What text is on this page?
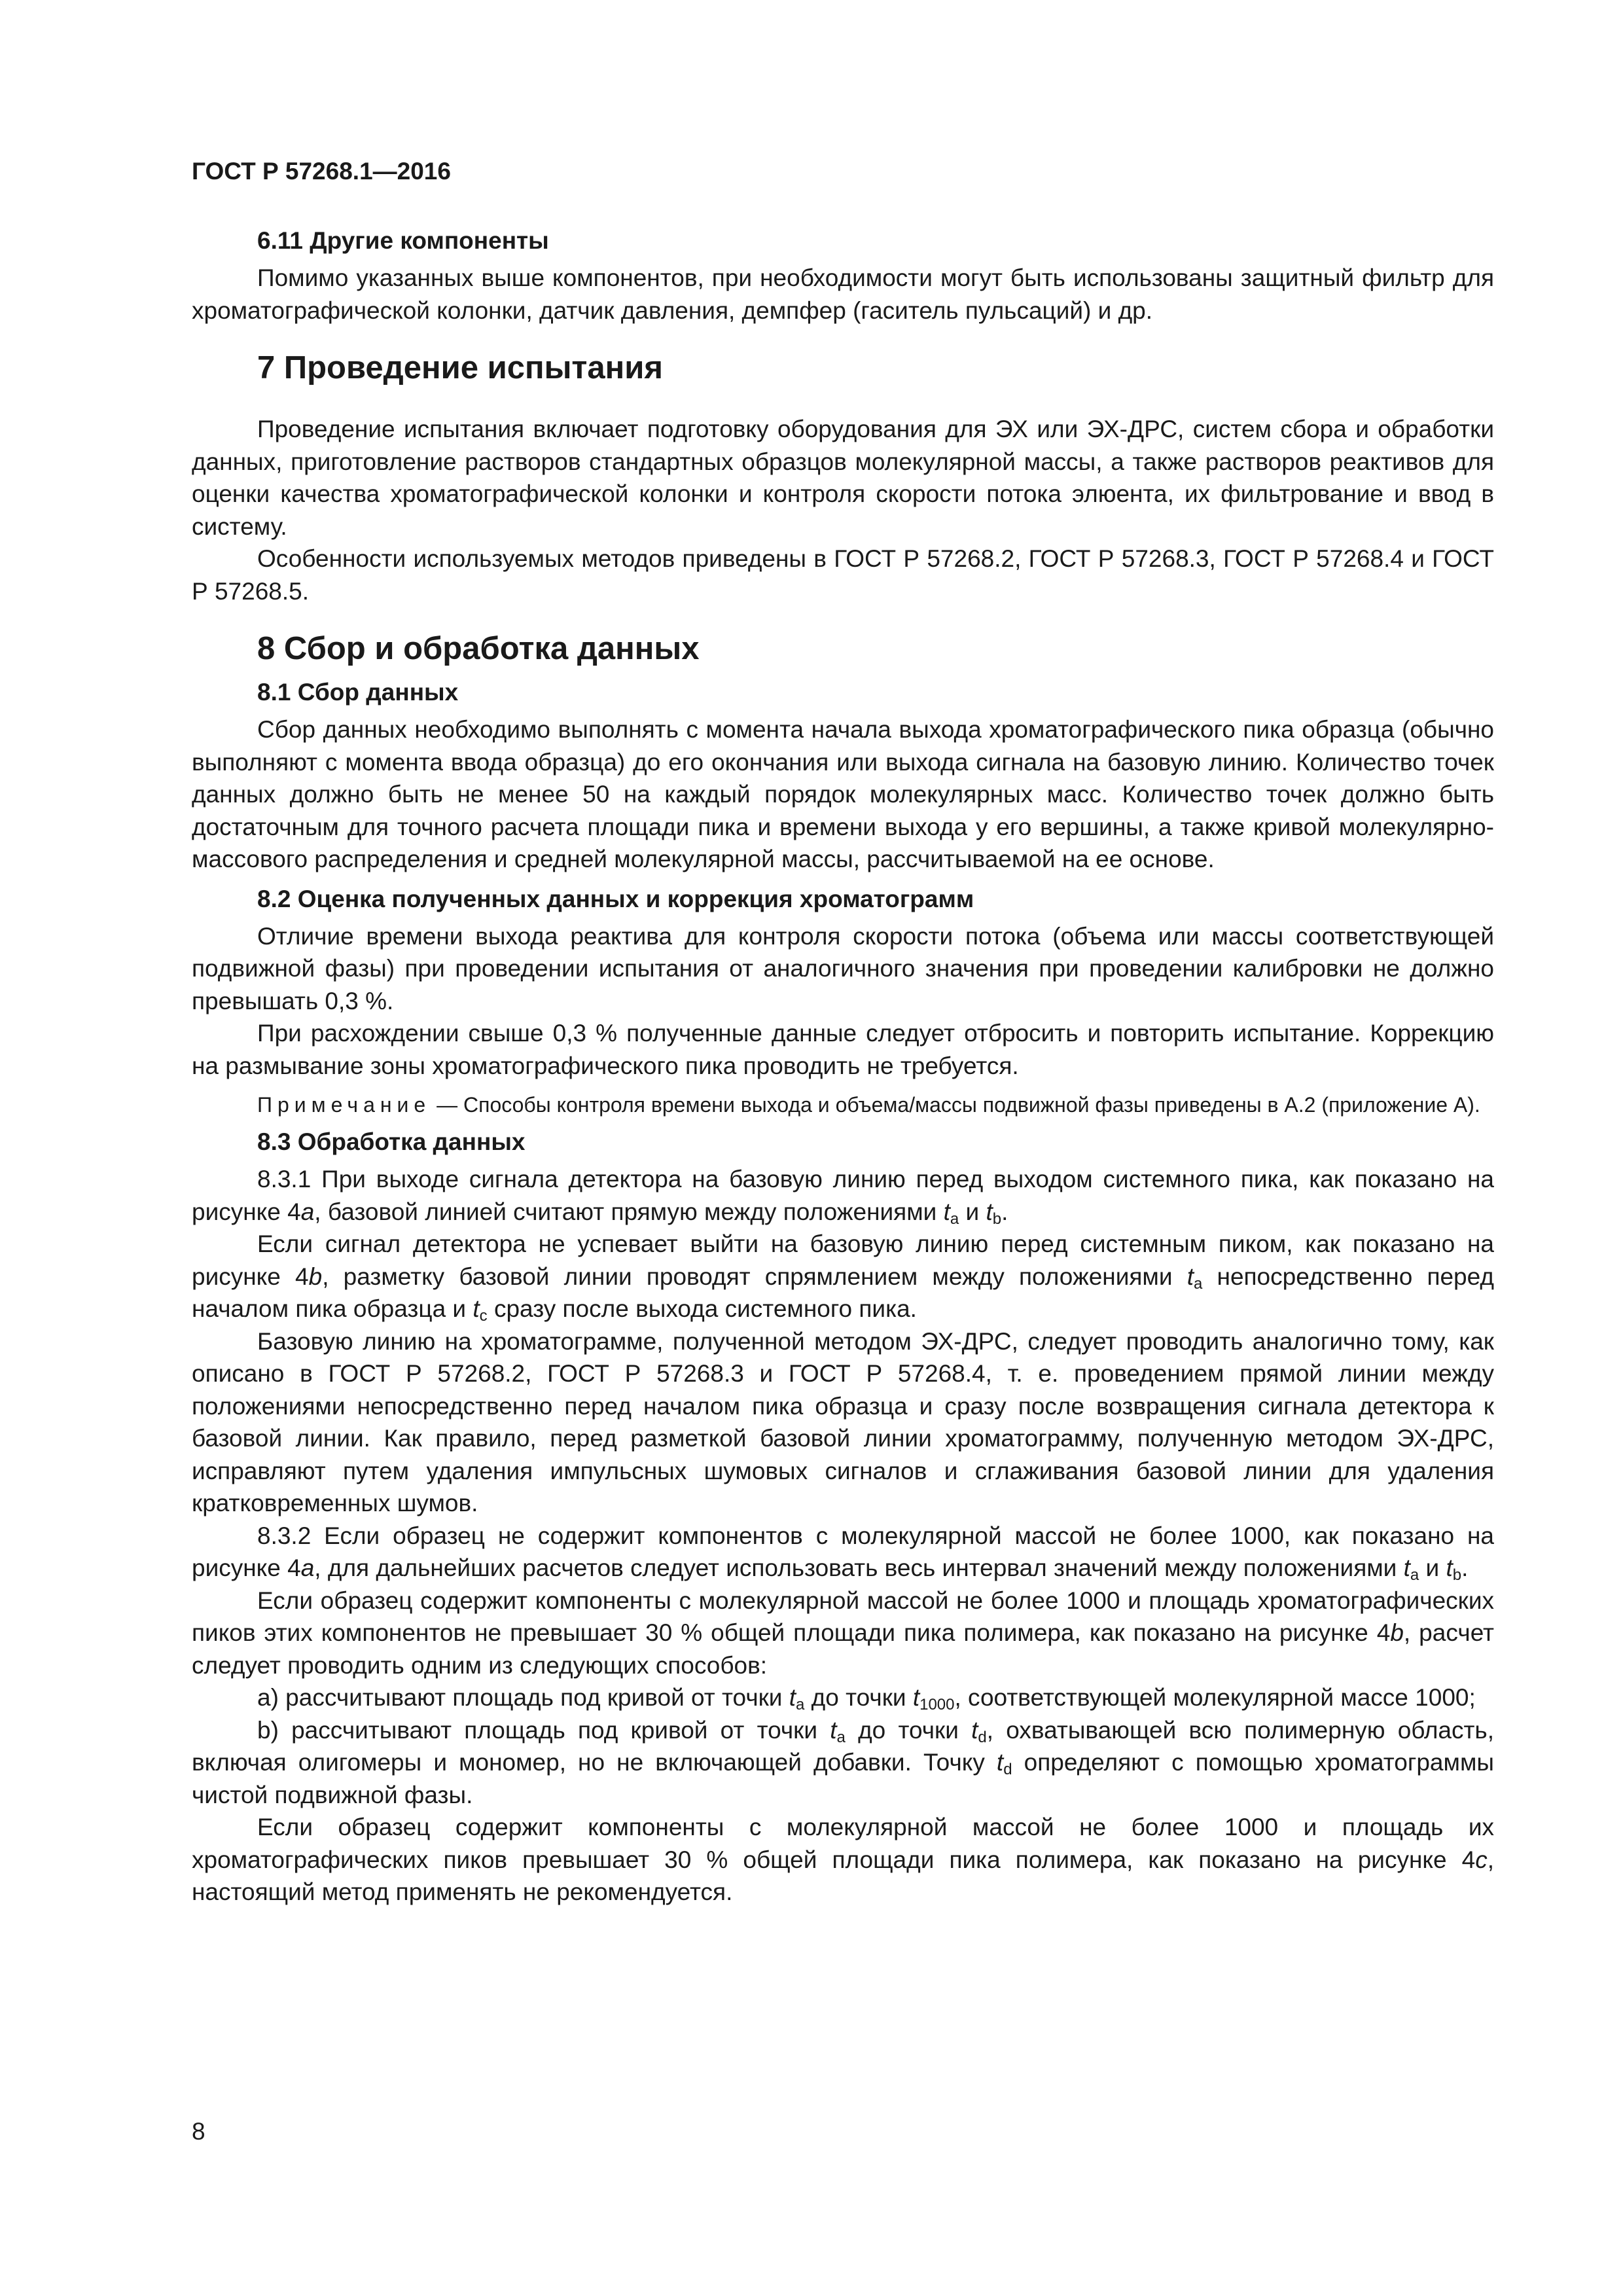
ГОСТ Р 57268.1—2016
6.11 Другие компоненты

Помимо указанных выше компонентов, при необходимости могут быть использованы защитный фильтр для хроматографической колонки, датчик давления, демпфер (гаситель пульсаций) и др.

7 Проведение испытания

Проведение испытания включает подготовку оборудования для ЭХ или ЭХ-ДРС, систем сбора и обработки данных, приготовление растворов стандартных образцов молекулярной массы, а также растворов реактивов для оценки качества хроматографической колонки и контроля скорости потока элюента, их фильтрование и ввод в систему.

Особенности используемых методов приведены в ГОСТ Р 57268.2, ГОСТ Р 57268.3, ГОСТ Р 57268.4 и ГОСТ Р 57268.5.

8 Сбор и обработка данных
8.1 Сбор данных

Сбор данных необходимо выполнять с момента начала выхода хроматографического пика образца (обычно выполняют с момента ввода образца) до его окончания или выхода сигнала на базовую линию. Количество точек данных должно быть не менее 50 на каждый порядок молекулярных масс. Количество точек должно быть достаточным для точного расчета площади пика и времени выхода у его вершины, а также кривой молекулярно-массового распределения и средней молекулярной массы, рассчитываемой на ее основе.

8.2 Оценка полученных данных и коррекция хроматограмм

Отличие времени выхода реактива для контроля скорости потока (объема или массы соответствующей подвижной фазы) при проведении испытания от аналогичного значения при проведении калибровки не должно превышать 0,3 %.

При расхождении свыше 0,3 % полученные данные следует отбросить и повторить испытание. Коррекцию на размывание зоны хроматографического пика проводить не требуется.

Примечание — Способы контроля времени выхода и объема/массы подвижной фазы приведены в А.2 (приложение А).
8.3 Обработка данных

8.3.1 При выходе сигнала детектора на базовую линию перед выходом системного пика, как показано на рисунке 4a, базовой линией считают прямую между положениями $t_a$ и $t_b$.

Если сигнал детектора не успевает выйти на базовую линию перед системным пиком, как показано на рисунке 4b, разметку базовой линии проводят спрямлением между положениями $t_a$ непосредственно перед началом пика образца и $t_c$ сразу после выхода системного пика.

Базовую линию на хроматограмме, полученной методом ЭХ-ДРС, следует проводить аналогично тому, как описано в ГОСТ Р 57268.2, ГОСТ Р 57268.3 и ГОСТ Р 57268.4, т. е. проведением прямой линии между положениями непосредственно перед началом пика образца и сразу после возвращения сигнала детектора к базовой линии. Как правило, перед разметкой базовой линии хроматограмму, полученную методом ЭХ-ДРС, исправляют путем удаления импульсных шумовых сигналов и сглаживания базовой линии для удаления кратковременных шумов.

8.3.2 Если образец не содержит компонентов с молекулярной массой не более 1000, как показано на рисунке 4a, для дальнейших расчетов следует использовать весь интервал значений между положениями $t_a$ и $t_b$.

Если образец содержит компоненты с молекулярной массой не более 1000 и площадь хроматографических пиков этих компонентов не превышает 30 % общей площади пика полимера, как показано на рисунке 4b, расчет следует проводить одним из следующих способов:

a) рассчитывают площадь под кривой от точки $t_a$ до точки $t_{1000}$, соответствующей молекулярной массе 1000;

b) рассчитывают площадь под кривой от точки $t_a$ до точки $t_d$, охватывающей всю полимерную область, включая олигомеры и мономер, но не включающей добавки. Точку $t_d$ определяют с помощью хроматограммы чистой подвижной фазы.

Если образец содержит компоненты с молекулярной массой не более 1000 и площадь их хроматографических пиков превышает 30 % общей площади пика полимера, как показано на рисунке 4c, настоящий метод применять не рекомендуется.

8
